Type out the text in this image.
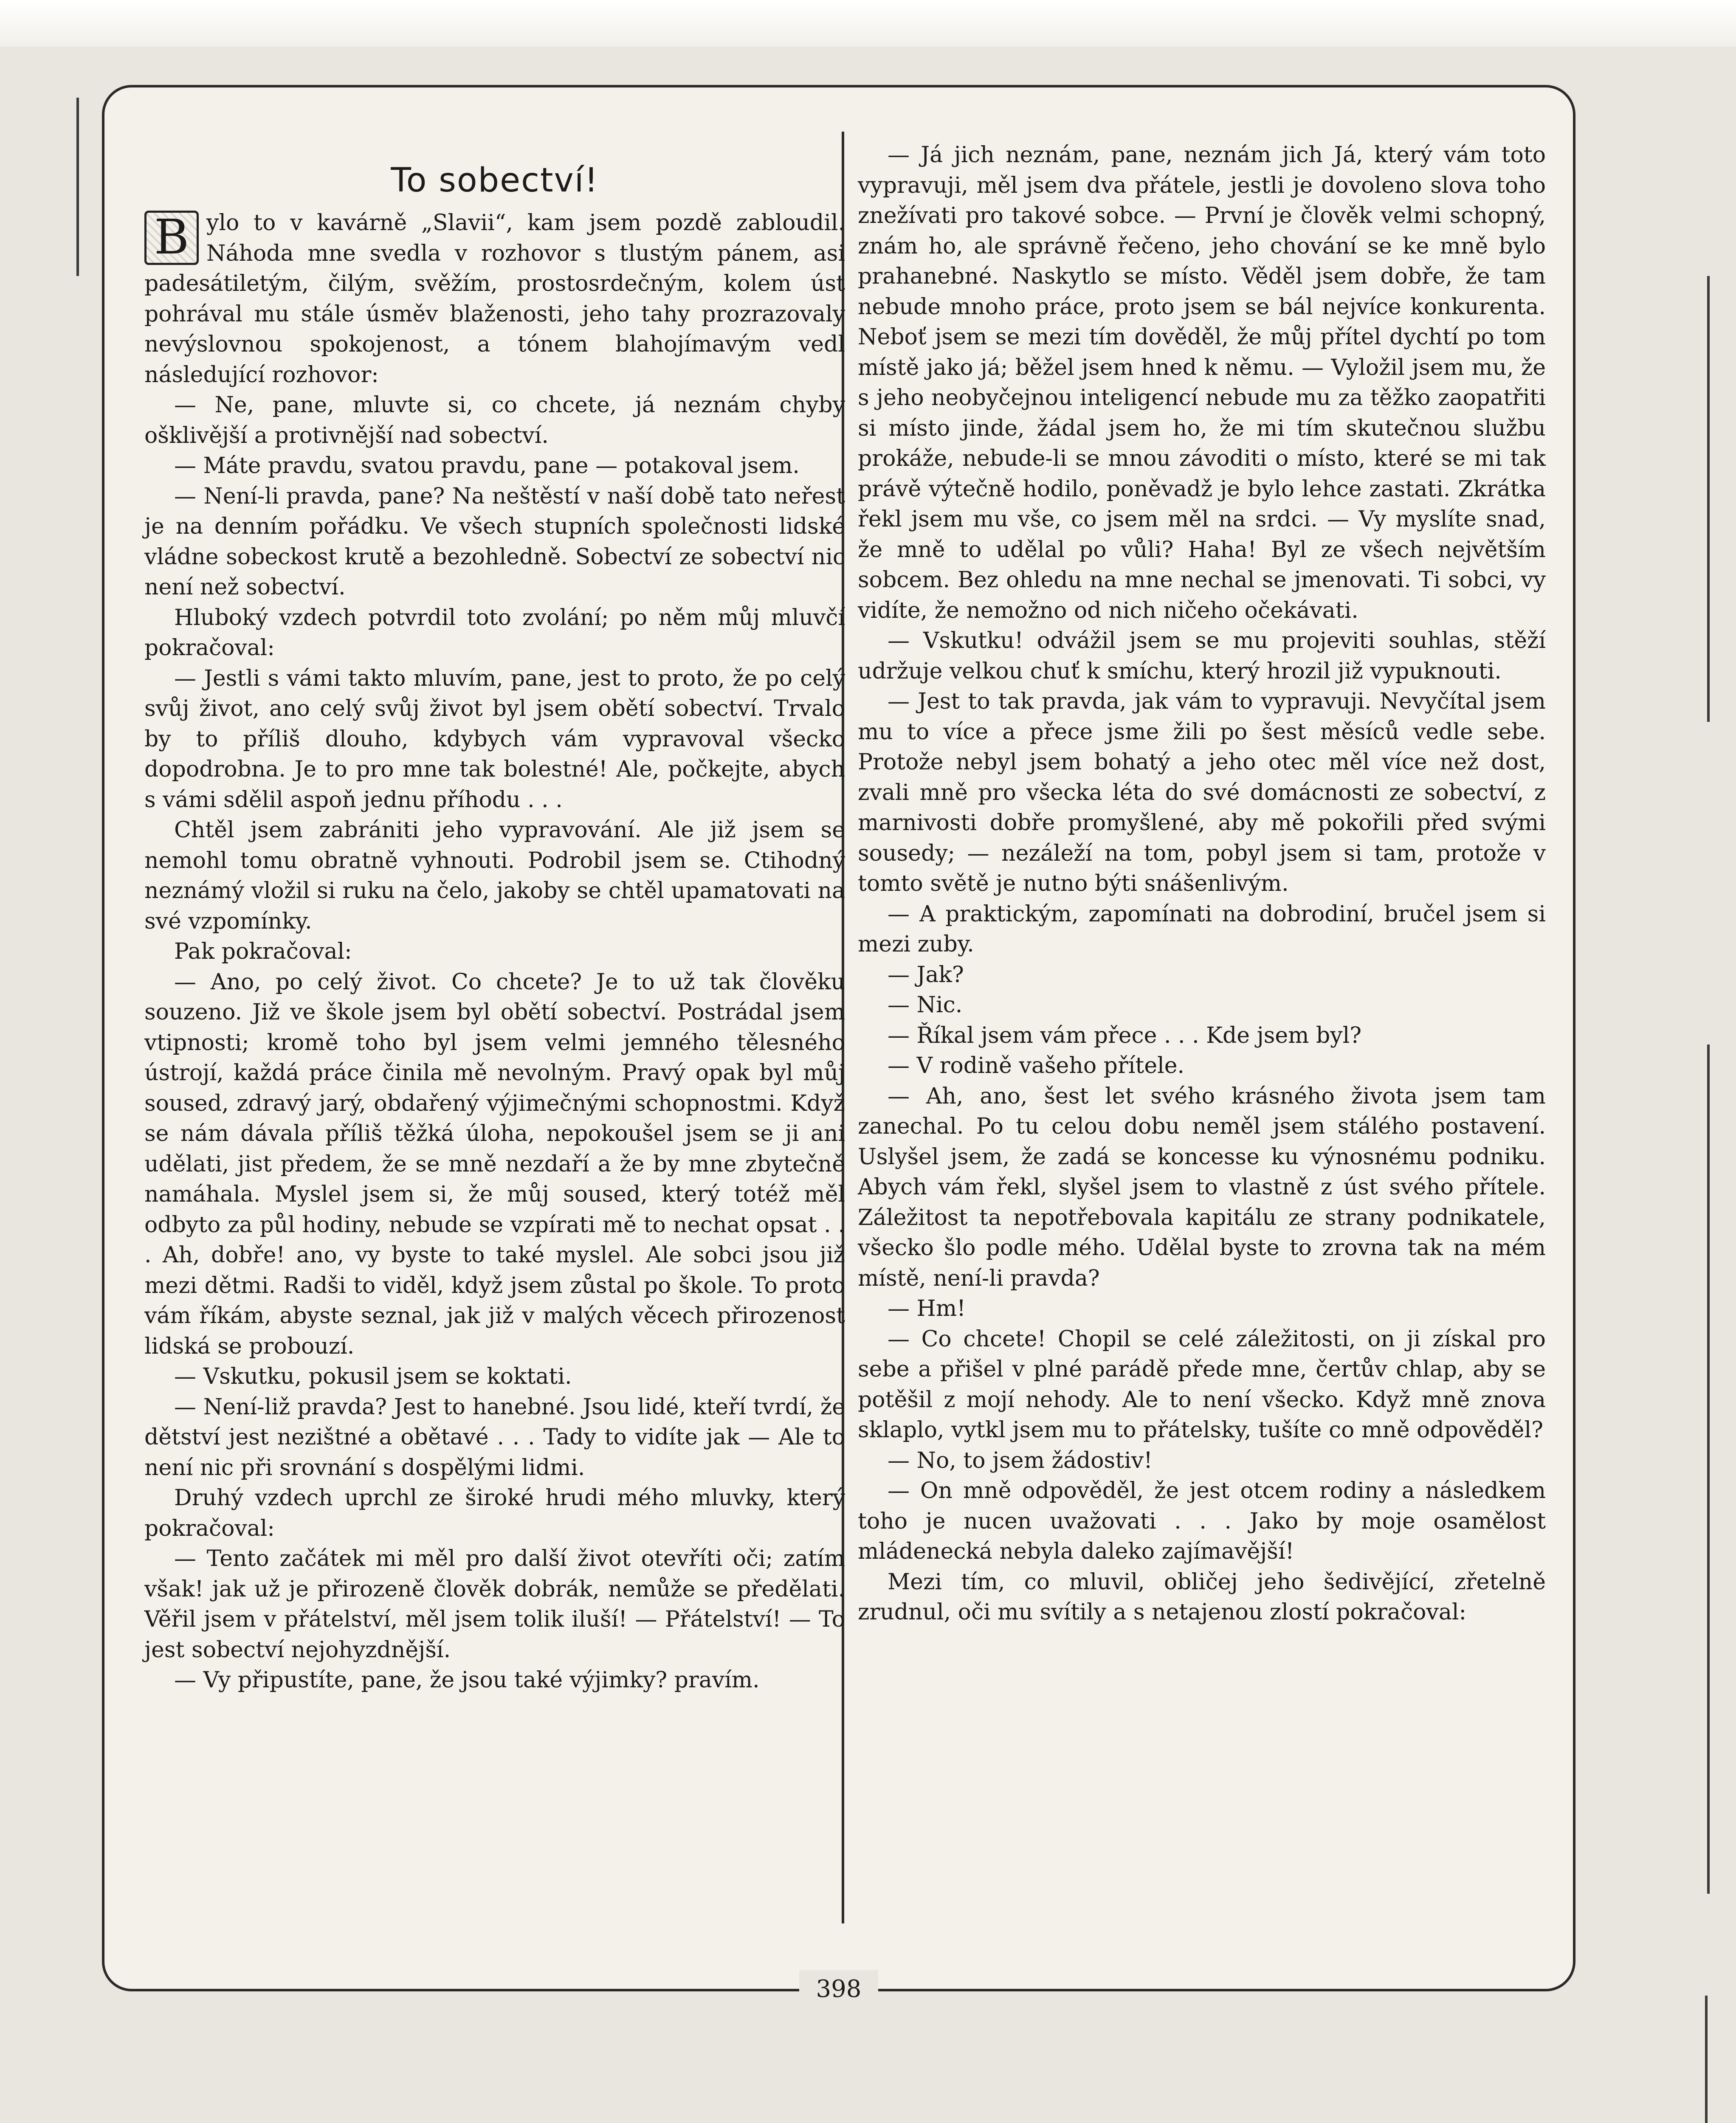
To sobectví!

B ylo to v kavárně „Slavii“, kam jsem pozdě zabloudil. Náhoda mne svedla v rozhovor s tlustým pánem, asi padesátiletým, čilým, svěžím, prostosrdečným, kolem úst pohrával mu stále úsměv blaženosti, jeho tahy prozrazovaly nevýslovnou spokojenost, a tónem blahojímavým vedl následující rozhovor:

— Ne, pane, mluvte si, co chcete, já neznám chyby ošklivější a protivnější nad sobectví.

— Máte pravdu, svatou pravdu, pane — potakoval jsem.

— Není-li pravda, pane? Na neštěstí v naší době tato neřest je na denním pořádku. Ve všech stupních společnosti lidské vládne sobeckost krutě a bezohledně. Sobectví ze sobectví nic není než sobectví.

Hluboký vzdech potvrdil toto zvolání; po něm můj mluvčí pokračoval:

— Jestli s vámi takto mluvím, pane, jest to proto, že po celý svůj život, ano celý svůj život byl jsem obětí sobectví. Trvalo by to příliš dlouho, kdybych vám vypravoval všecko dopodrobna. Je to pro mne tak bolestné! Ale, počkejte, abych s vámi sdělil aspoň jednu příhodu . . .

Chtěl jsem zabrániti jeho vypravování. Ale již jsem se nemohl tomu obratně vyhnouti. Podrobil jsem se. Ctihodný neznámý vložil si ruku na čelo, jakoby se chtěl upamatovati na své vzpomínky.

Pak pokračoval:

— Ano, po celý život. Co chcete? Je to už tak člověku souzeno. Již ve škole jsem byl obětí sobectví. Postrádal jsem vtipnosti; kromě toho byl jsem velmi jemného tělesného ústrojí, každá práce činila mě nevolným. Pravý opak byl můj soused, zdravý jarý, obdařený výjimečnými schopnostmi. Když se nám dávala příliš těžká úloha, nepokoušel jsem se ji ani udělati, jist předem, že se mně nezdaří a že by mne zbytečně namáhala. Myslel jsem si, že můj soused, který totéž měl odbyto za půl hodiny, nebude se vzpírati mě to nechat opsat . . . Ah, dobře! ano, vy byste to také myslel. Ale sobci jsou již mezi dětmi. Radši to viděl, když jsem zůstal po škole. To proto vám říkám, abyste seznal, jak již v malých věcech přirozenost lidská se probouzí.

— Vskutku, pokusil jsem se koktati.

— Není-liž pravda? Jest to hanebné. Jsou lidé, kteří tvrdí, že dětství jest nezištné a obětavé . . . Tady to vidíte jak — Ale to není nic při srovnání s dospělými lidmi.

Druhý vzdech uprchl ze široké hrudi mého mluvky, který pokračoval:

— Tento začátek mi měl pro další život otevříti oči; zatím však! jak už je přirozeně člověk dobrák, nemůže se předělati. Věřil jsem v přátelství, měl jsem tolik iluší! — Přátelství! — To jest sobectví nejohyzdnější.

— Vy připustíte, pane, že jsou také výjimky? pravím.

— Já jich neznám, pane, neznám jich Já, který vám toto vypravuji, měl jsem dva přátele, jestli je dovoleno slova toho znežívati pro takové sobce. — První je člověk velmi schopný, znám ho, ale správně řečeno, jeho chování se ke mně bylo prahanebné. Naskytlo se místo. Věděl jsem dobře, že tam nebude mnoho práce, proto jsem se bál nejvíce konkurenta. Neboť jsem se mezi tím dověděl, že můj přítel dychtí po tom místě jako já; běžel jsem hned k němu. — Vyložil jsem mu, že s jeho neobyčejnou inteligencí nebude mu za těžko zaopatřiti si místo jinde, žádal jsem ho, že mi tím skutečnou službu prokáže, nebude-li se mnou závoditi o místo, které se mi tak právě výtečně hodilo, poněvadž je bylo lehce zastati. Zkrátka řekl jsem mu vše, co jsem měl na srdci. — Vy myslíte snad, že mně to udělal po vůli? Haha! Byl ze všech největším sobcem. Bez ohledu na mne nechal se jmenovati. Ti sobci, vy vidíte, že nemožno od nich ničeho očekávati.

— Vskutku! odvážil jsem se mu projeviti souhlas, stěží udržuje velkou chuť k smíchu, který hrozil již vypuknouti.

— Jest to tak pravda, jak vám to vypravuji. Nevyčítal jsem mu to více a přece jsme žili po šest měsíců vedle sebe. Protože nebyl jsem bohatý a jeho otec měl více než dost, zvali mně pro všecka léta do své domácnosti ze sobectví, z marnivosti dobře promyšlené, aby mě pokořili před svými sousedy; — nezáleží na tom, pobyl jsem si tam, protože v tomto světě je nutno býti snášenlivým.

— A praktickým, zapomínati na dobrodiní, bručel jsem si mezi zuby.

— Jak?

— Nic.

— Říkal jsem vám přece . . . Kde jsem byl?

— V rodině vašeho přítele.

— Ah, ano, šest let svého krásného života jsem tam zanechal. Po tu celou dobu neměl jsem stálého postavení. Uslyšel jsem, že zadá se koncesse ku výnosnému podniku. Abych vám řekl, slyšel jsem to vlastně z úst svého přítele. Záležitost ta nepotřebovala kapitálu ze strany podnikatele, všecko šlo podle mého. Udělal byste to zrovna tak na mém místě, není-li pravda?

— Hm!

— Co chcete! Chopil se celé záležitosti, on ji získal pro sebe a přišel v plné parádě přede mne, čertův chlap, aby se potěšil z mojí nehody. Ale to není všecko. Když mně znova sklaplo, vytkl jsem mu to přátelsky, tušíte co mně odpověděl?

— No, to jsem žádostiv!

— On mně odpověděl, že jest otcem rodiny a následkem toho je nucen uvažovati . . . Jako by moje osamělost mládenecká nebyla daleko zajímavější!

Mezi tím, co mluvil, obličej jeho šedivějící, zřetelně zrudnul, oči mu svítily a s netajenou zlostí pokračoval:

398
